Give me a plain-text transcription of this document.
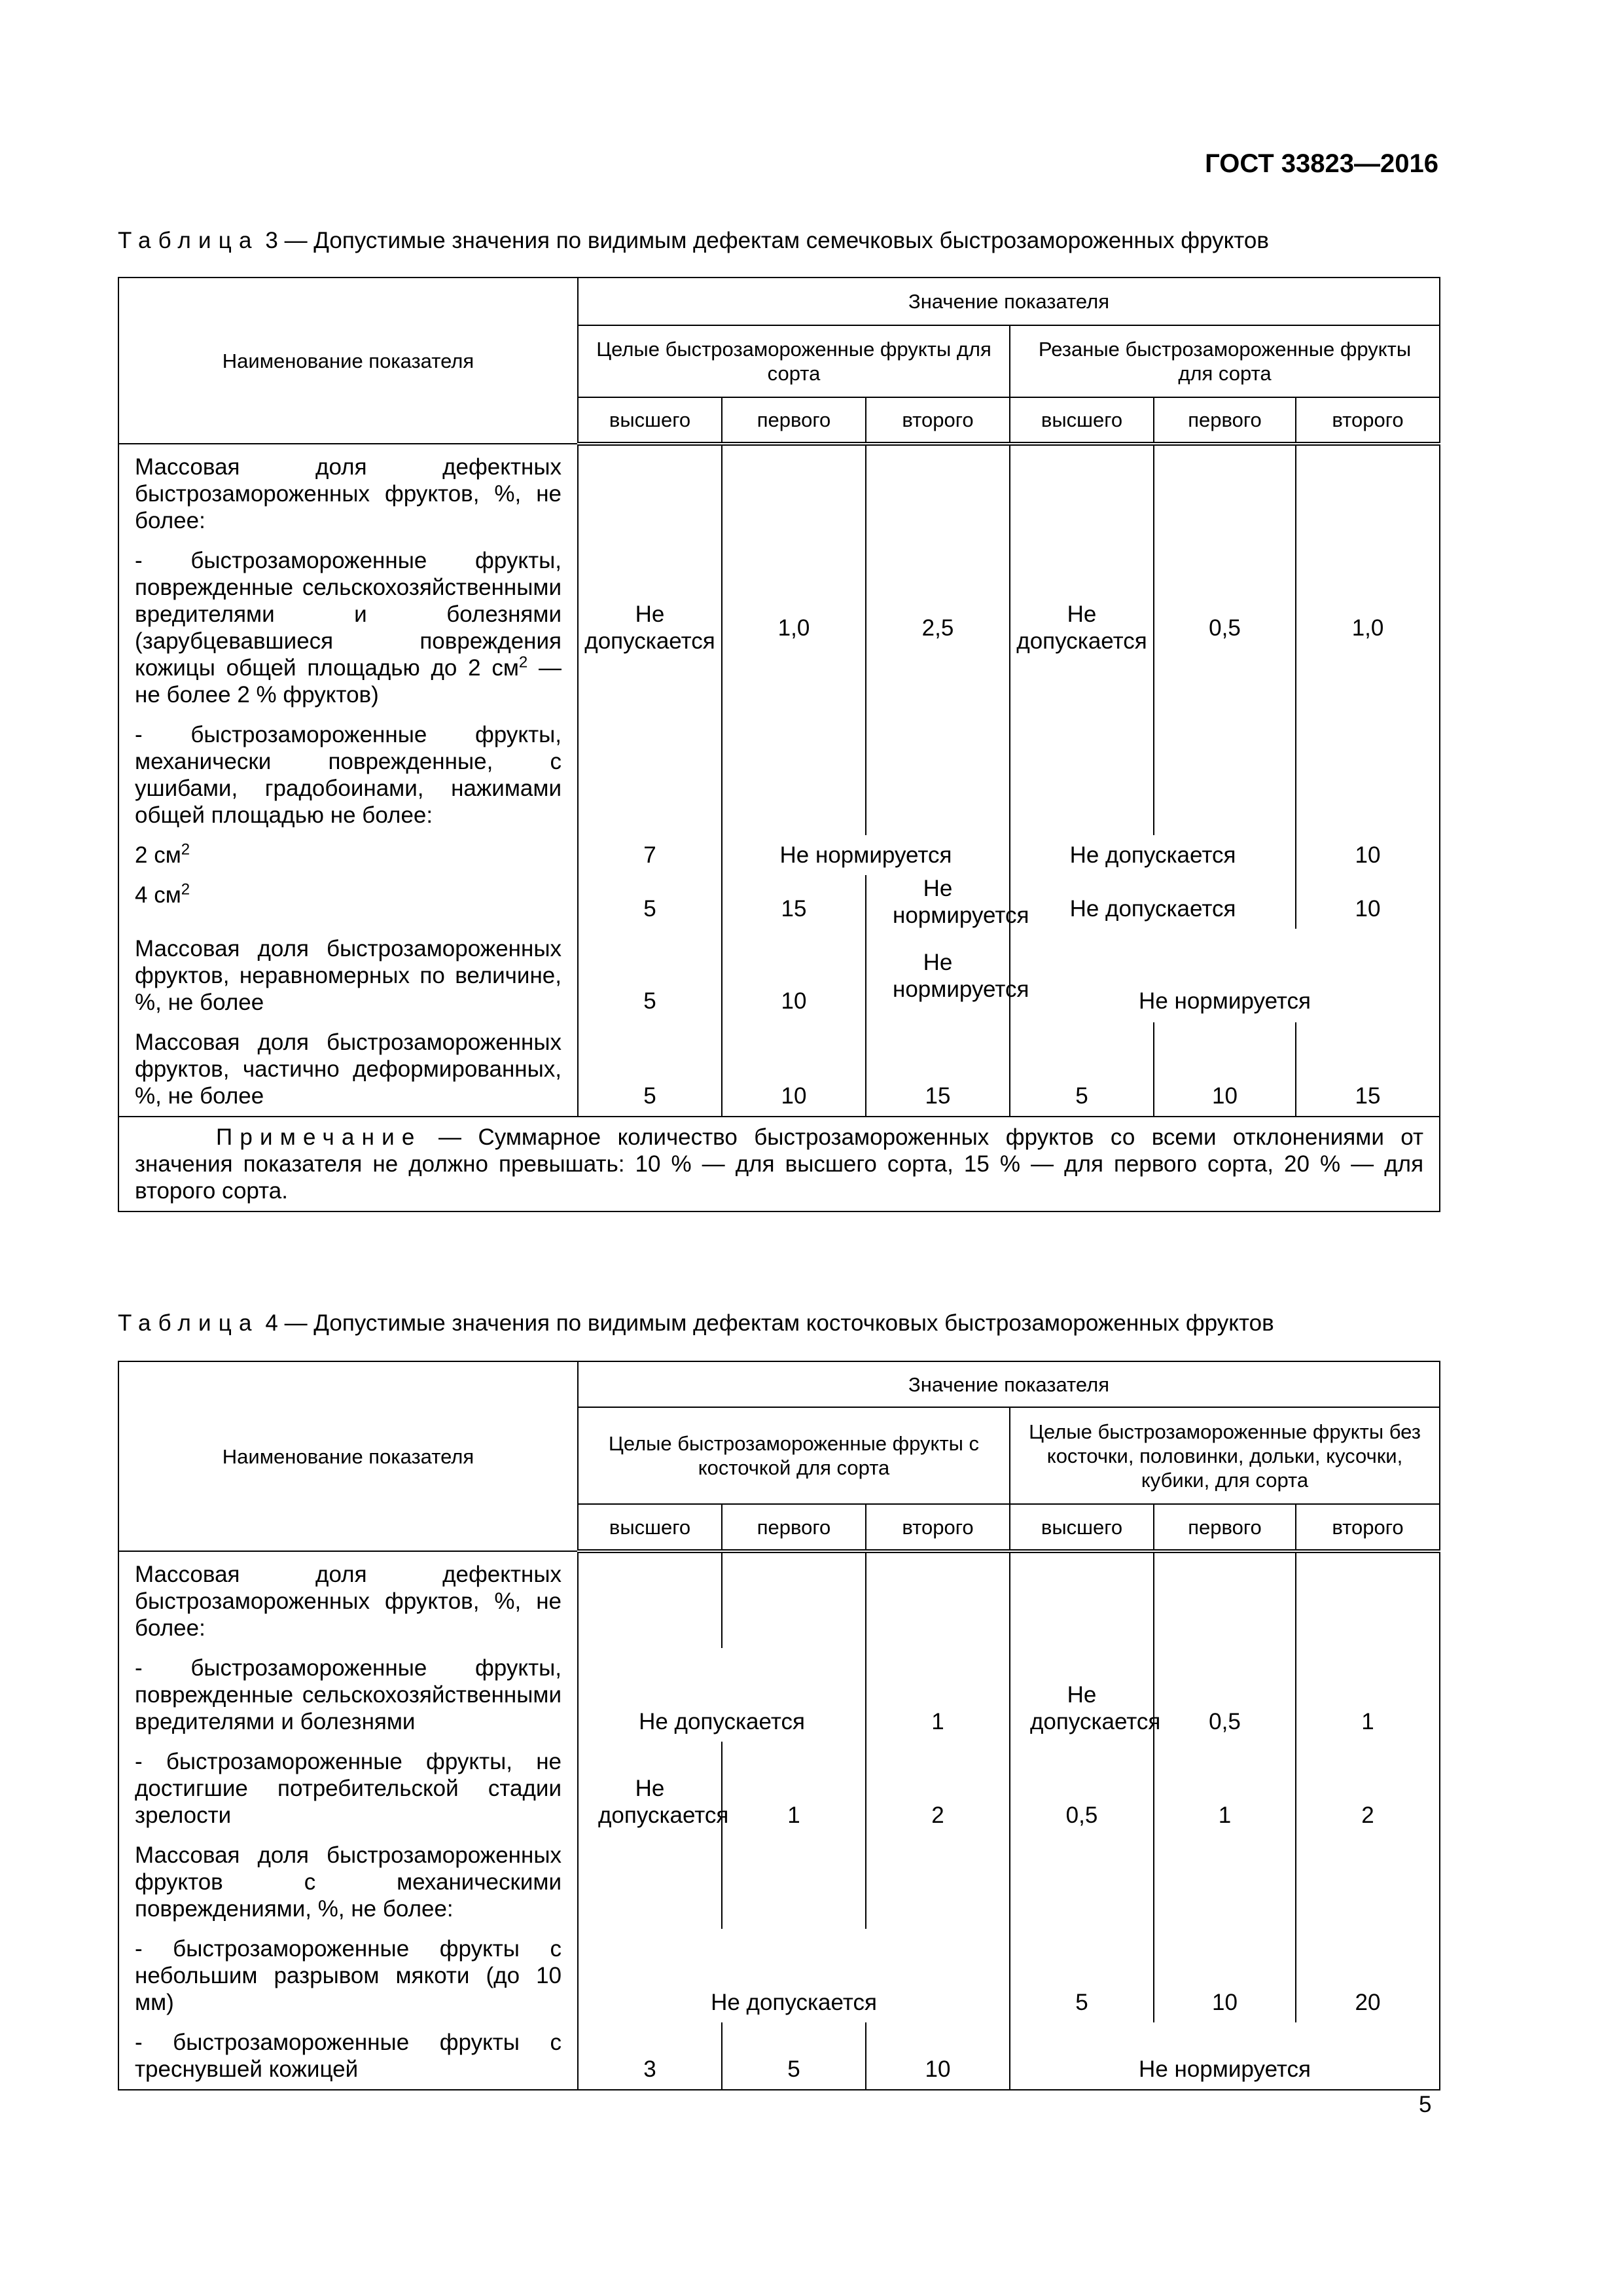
ГОСТ 33823—2016
Таблица 3 — Допустимые значения по видимым дефектам семечковых быстрозамороженных фруктов
Наименование показателя	Значение показателя					
	Целые быстрозамороженные фрукты для сорта			Резаные быстрозамороженные фрукты для сорта		
	высшего	первого	второго	высшего	первого	второго
Массовая доля дефектных быстрозамороженных фруктов, %, не более:						
- быстрозамороженные фрукты, поврежденные сельскохозяйственными вредителями и болезнями (зарубцевавшиеся повреждения кожицы общей площадью до 2 $см^2$ — не более 2 % фруктов)	Не допускается	1,0	2,5	Не допускается	0,5	1,0
- быстрозамороженные фрукты, механически поврежденные, с ушибами, градобоинами, нажимами общей площадью не более:						
2 $см^2$	7	Не нормируется		Не допускается		10
4 $см^2$	5	15	Не нормируется	Не допускается		10
Массовая доля быстрозамороженных фруктов, неравномерных по величине, %, не более	5	10	Не нормируется	Не нормируется		
Массовая доля быстрозамороженных фруктов, частично деформированных, %, не более	5	10	15	5	10	15
Примечание — Суммарное количество быстрозамороженных фруктов со всеми отклонениями от значения показателя не должно превышать: 10 % — для высшего сорта, 15 % — для первого сорта, 20 % — для второго сорта.						
Таблица 4 — Допустимые значения по видимым дефектам косточковых быстрозамороженных фруктов
Наименование показателя	Значение показателя					
	Целые быстрозамороженные фрукты с косточкой для сорта			Целые быстрозамороженные фрукты без косточки, половинки, дольки, кусочки, кубики, для сорта		
	высшего	первого	второго	высшего	первого	второго
Массовая доля дефектных быстрозамороженных фруктов, %, не более:						
- быстрозамороженные фрукты, поврежденные сельскохозяйственными вредителями и болезнями	Не допускается		1	Не допускается	0,5	1
- быстрозамороженные фрукты, не достигшие потребительской стадии зрелости	Не допускается	1	2	0,5	1	2
Массовая доля быстрозамороженных фруктов с механическими повреждениями, %, не более:						
- быстрозамороженные фрукты с небольшим разрывом мякоти (до 10 мм)	Не допускается			5	10	20
- быстрозамороженные фрукты с треснувшей кожицей	3	5	10	Не нормируется		
5
